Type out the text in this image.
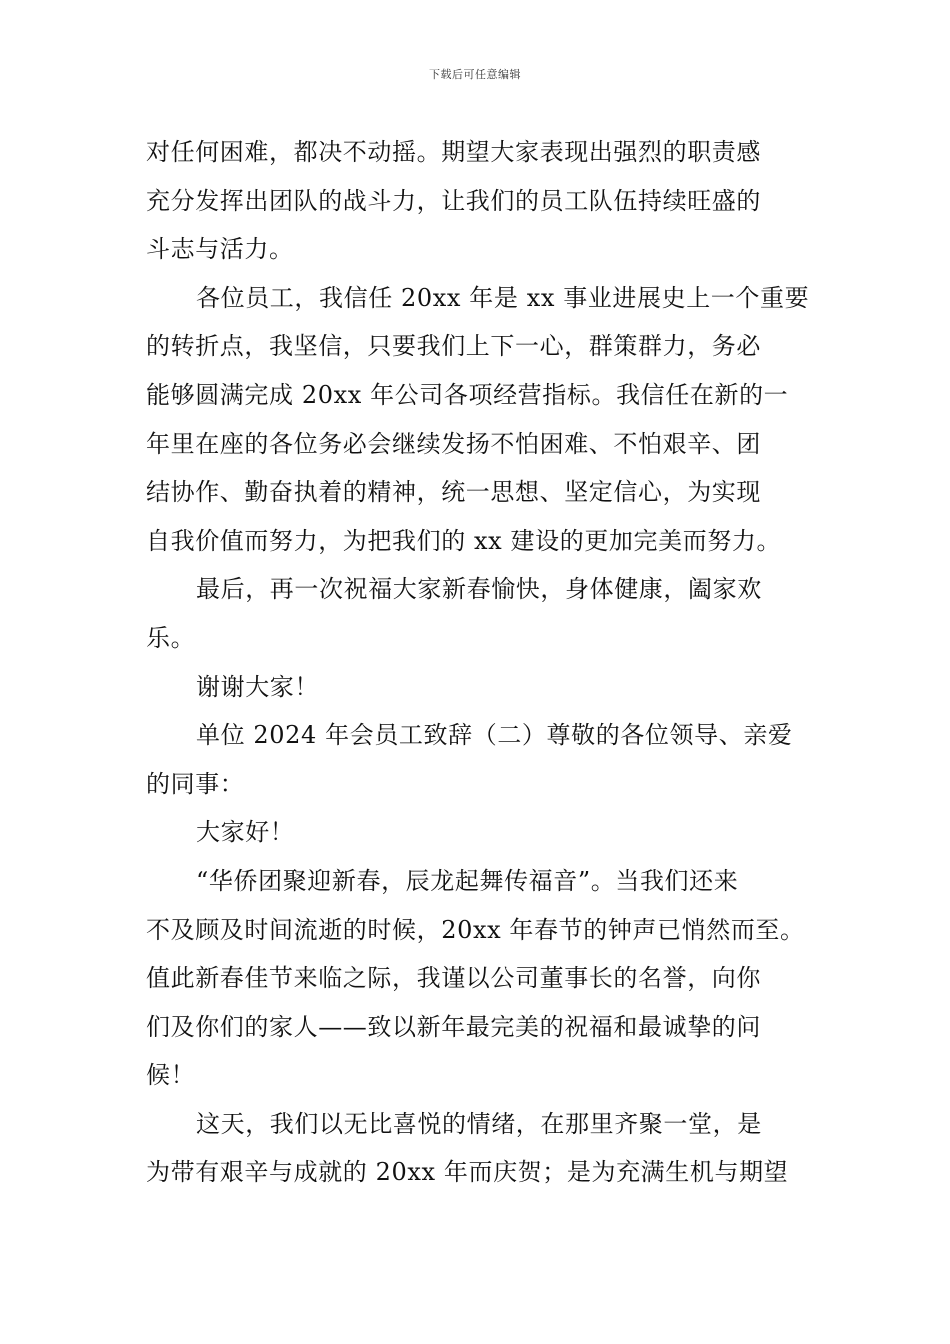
下载后可任意编辑
对任何困难，都决不动摇。期望大家表现出强烈的职责感
充分发挥出团队的战斗力，让我们的员工队伍持续旺盛的
斗志与活力。
各位员工，我信任 20xx 年是 xx 事业进展史上一个重要
的转折点，我坚信，只要我们上下一心，群策群力，务必
能够圆满完成 20xx 年公司各项经营指标。我信任在新的一
年里在座的各位务必会继续发扬不怕困难、不怕艰辛、团
结协作、勤奋执着的精神，统一思想、坚定信心，为实现
自我价值而努力，为把我们的 xx 建设的更加完美而努力。
最后，再一次祝福大家新春愉快，身体健康，阖家欢
乐。
谢谢大家！
单位 2024 年会员工致辞（二）尊敬的各位领导、亲爱
的同事：
大家好！
“华侨团聚迎新春，辰龙起舞传福音”。当我们还来
不及顾及时间流逝的时候，20xx 年春节的钟声已悄然而至。
值此新春佳节来临之际，我谨以公司董事长的名誉，向你
们及你们的家人——致以新年最完美的祝福和最诚挚的问
候！
这天，我们以无比喜悦的情绪，在那里齐聚一堂，是
为带有艰辛与成就的 20xx 年而庆贺；是为充满生机与期望
